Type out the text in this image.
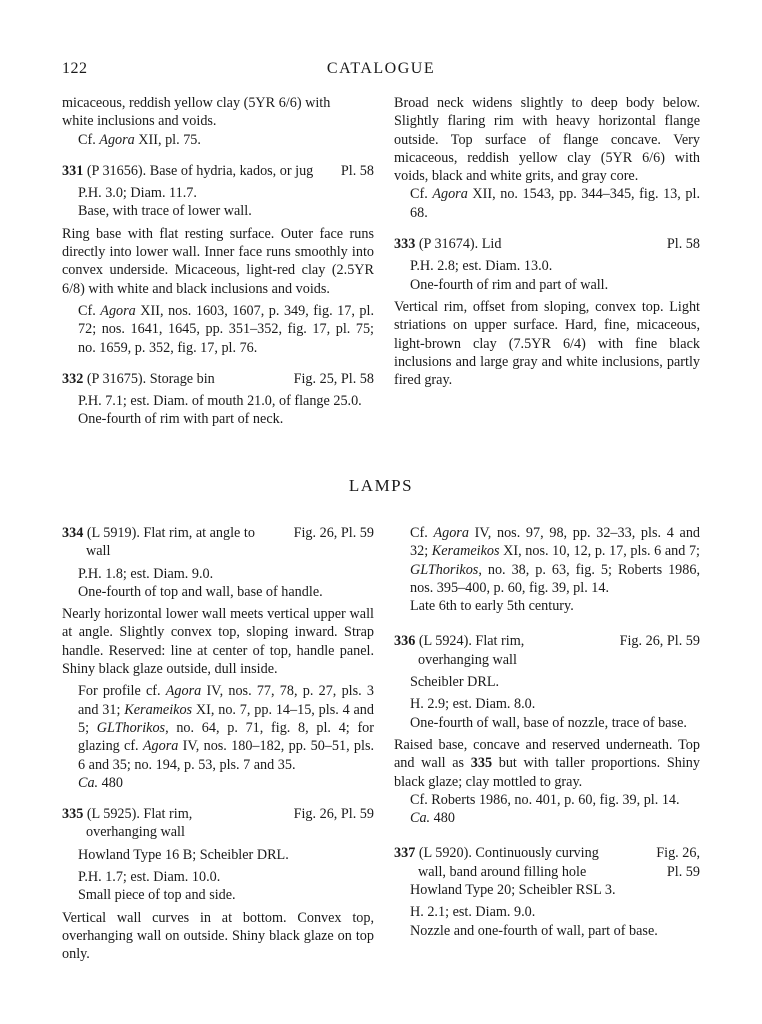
122	CATALOGUE

micaceous, reddish yellow clay (5YR 6/6) with
white inclusions and voids.

Cf. Agora XII, pl. 75.

331 (P 31656). Base of hydria, kados, or jug	Pl. 58

P.H. 3.0; Diam. 11.7.

Base, with trace of lower wall.

Ring base with flat resting surface. Outer face runs directly into lower wall. Inner face runs smoothly into convex underside. Micaceous, light-red clay (2.5YR 6/8) with white and black inclusions and voids.

Cf. Agora XII, nos. 1603, 1607, p. 349, fig. 17, pl. 72; nos. 1641, 1645, pp. 351–352, fig. 17, pl. 75; no. 1659, p. 352, fig. 17, pl. 76.

332 (P 31675). Storage bin	Fig. 25, Pl. 58

P.H. 7.1; est. Diam. of mouth 21.0, of flange 25.0.

One-fourth of rim with part of neck.

Broad neck widens slightly to deep body below. Slightly flaring rim with heavy horizontal flange outside. Top surface of flange concave. Very micaceous, reddish yellow clay (5YR 6/6) with voids, black and white grits, and gray core.

Cf. Agora XII, no. 1543, pp. 344–345, fig. 13, pl. 68.

333 (P 31674). Lid	Pl. 58

P.H. 2.8; est. Diam. 13.0.

One-fourth of rim and part of wall.

Vertical rim, offset from sloping, convex top. Light striations on upper surface. Hard, fine, micaceous, light-brown clay (7.5YR 6/4) with fine black inclusions and large gray and white inclusions, partly fired gray.

LAMPS
334 (L 5919). Flat rim, at angle to
wall
Fig. 26, Pl. 59

P.H. 1.8; est. Diam. 9.0.

One-fourth of top and wall, base of handle.

Nearly horizontal lower wall meets vertical upper wall at angle. Slightly convex top, sloping inward. Strap handle. Reserved: line at center of top, handle panel. Shiny black glaze outside, dull inside.

For profile cf. Agora IV, nos. 77, 78, p. 27, pls. 3 and 31; Kerameikos XI, no. 7, pp. 14–15, pls. 4 and 5; GLThorikos, no. 64, p. 71, fig. 8, pl. 4; for glazing cf. Agora IV, nos. 180–182, pp. 50–51, pls. 6 and 35; no. 194, p. 53, pls. 7 and 35.

Ca. 480

335 (L 5925). Flat rim,
overhanging wall
Fig. 26, Pl. 59

Howland Type 16 B; Scheibler DRL.

P.H. 1.7; est. Diam. 10.0.

Small piece of top and side.

Vertical wall curves in at bottom. Convex top, overhanging wall on outside. Shiny black glaze on top only.

Cf. Agora IV, nos. 97, 98, pp. 32–33, pls. 4 and 32; Kerameikos XI, nos. 10, 12, p. 17, pls. 6 and 7; GLThorikos, no. 38, p. 63, fig. 5; Roberts 1986, nos. 395–400, p. 60, fig. 39, pl. 14.

Late 6th to early 5th century.

336 (L 5924). Flat rim,
overhanging wall
Fig. 26, Pl. 59

Scheibler DRL.

H. 2.9; est. Diam. 8.0.

One-fourth of wall, base of nozzle, trace of base.

Raised base, concave and reserved underneath. Top and wall as 335 but with taller proportions. Shiny black glaze; clay mottled to gray.

Cf. Roberts 1986, no. 401, p. 60, fig. 39, pl. 14.

Ca. 480

337 (L 5920). Continuously curving
wall, band around filling hole
Fig. 26,
Pl. 59

Howland Type 20; Scheibler RSL 3.

H. 2.1; est. Diam. 9.0.

Nozzle and one-fourth of wall, part of base.
